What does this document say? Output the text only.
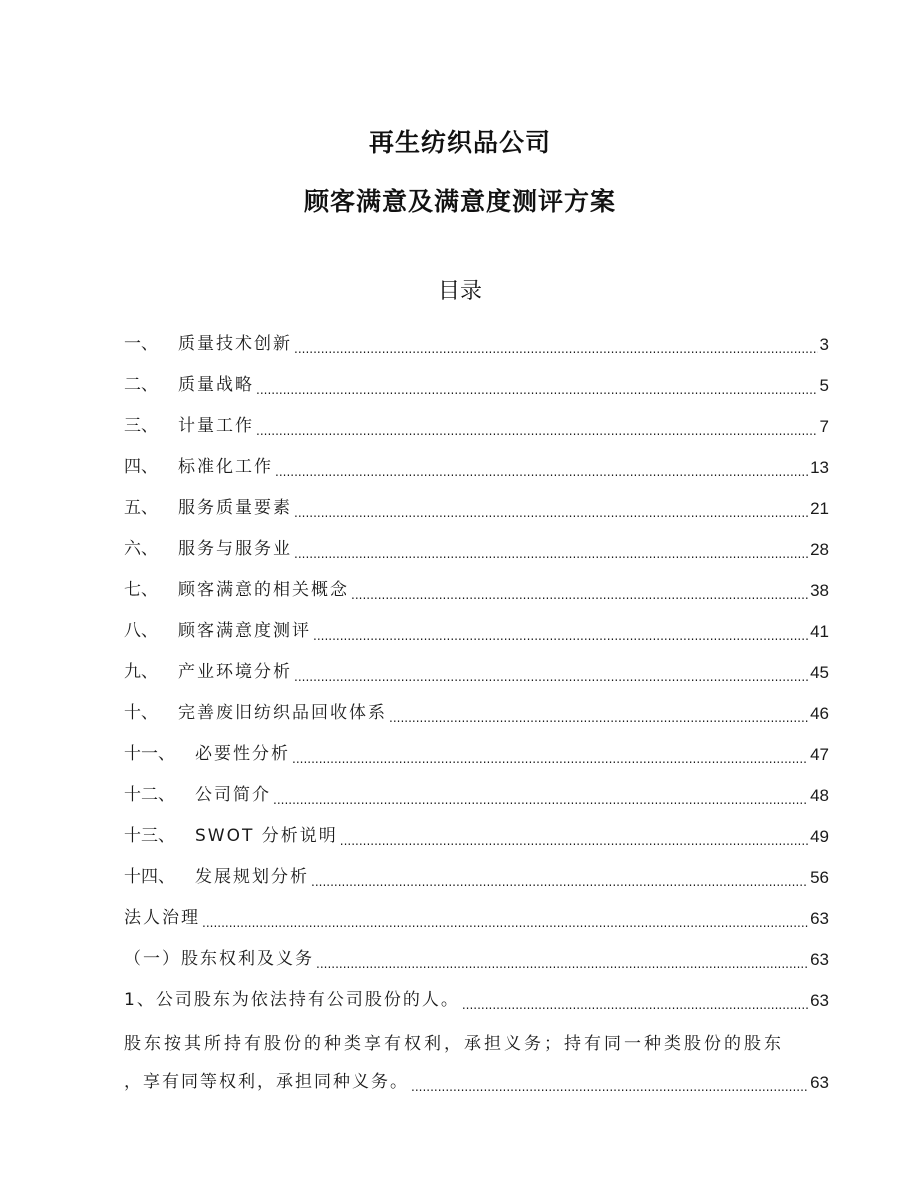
再生纺织品公司
顾客满意及满意度测评方案
目录
一、 质量技术创新 .....	3
二、 质量战略 .....	5
三、 计量工作 .....	7
四、 标准化工作 .....	13
五、 服务质量要素 .....	21
六、 服务与服务业 .....	28
七、 顾客满意的相关概念 .....	38
八、 顾客满意度测评 .....	41
九、 产业环境分析 .....	45
十、 完善废旧纺织品回收体系 .....	46
十一、 必要性分析 .....	47
十二、 公司简介 .....	48
十三、 SWOT 分析说明 .....	49
十四、 发展规划分析 .....	56
法人治理 .....	63
（一）股东权利及义务 .....	63
1、公司股东为依法持有公司股份的人。 .....	63
股东按其所持有股份的种类享有权利，承担义务；持有同一种类股份的股东
，享有同等权利，承担同种义务。 .....	63
